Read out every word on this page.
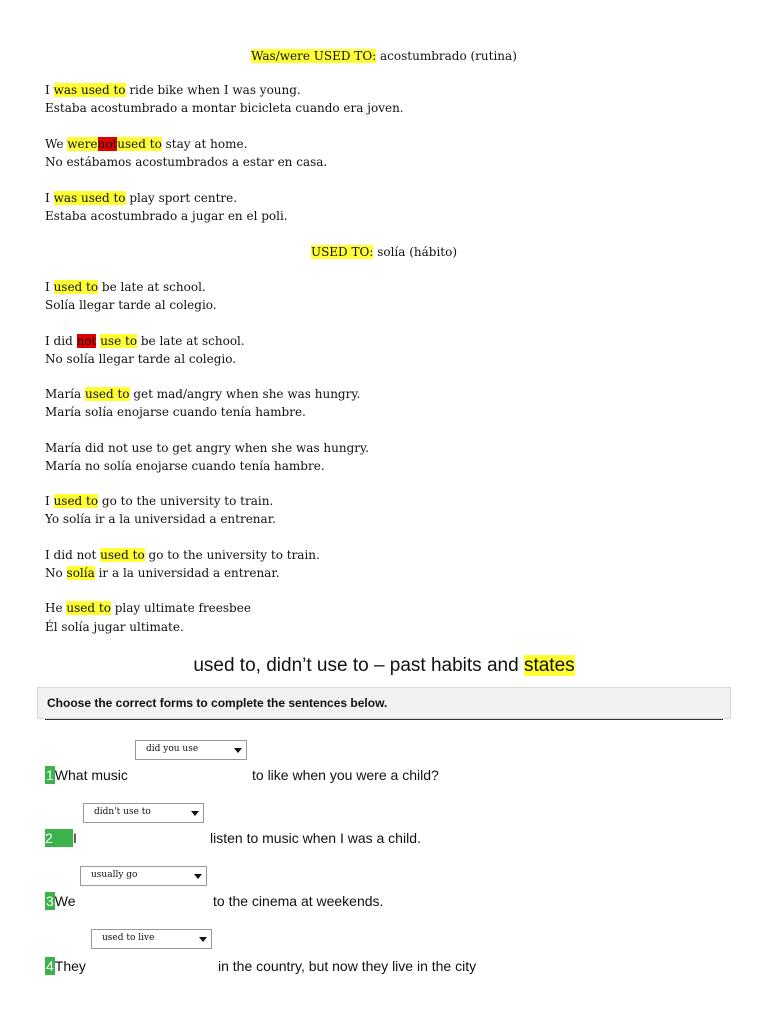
Was/were USED TO: acostumbrado (rutina)
I was used to ride bike when I was young.
Estaba acostumbrado a montar bicicleta cuando era joven.
We werenotused to stay at home.
No estábamos acostumbrados a estar en casa.
I was used to play sport centre.
Estaba acostumbrado a jugar en el poli.
USED TO: solía (hábito)
I used to be late at school.
Solía llegar tarde al colegio.
I did not use to be late at school.
No solía llegar tarde al colegio.
María used to get mad/angry when she was hungry.
María solía enojarse cuando tenía hambre.
María did not use to get angry when she was hungry.
María no solía enojarse cuando tenía hambre.
I used to go to the university to train.
Yo solía ir a la universidad a entrenar.
I did not used to go to the university to train.
No solía ir a la universidad a entrenar.
He used to play ultimate freesbee
Él solía jugar ultimate.
used to, didn’t use to – past habits and states
Choose the correct forms to complete the sentences below.
did you use
1What music	to like when you were a child?
didn't use to
2 I	listen to music when I was a child.
usually go
3We	to the cinema at weekends.
used to live
4They	in the country, but now they live in the city
